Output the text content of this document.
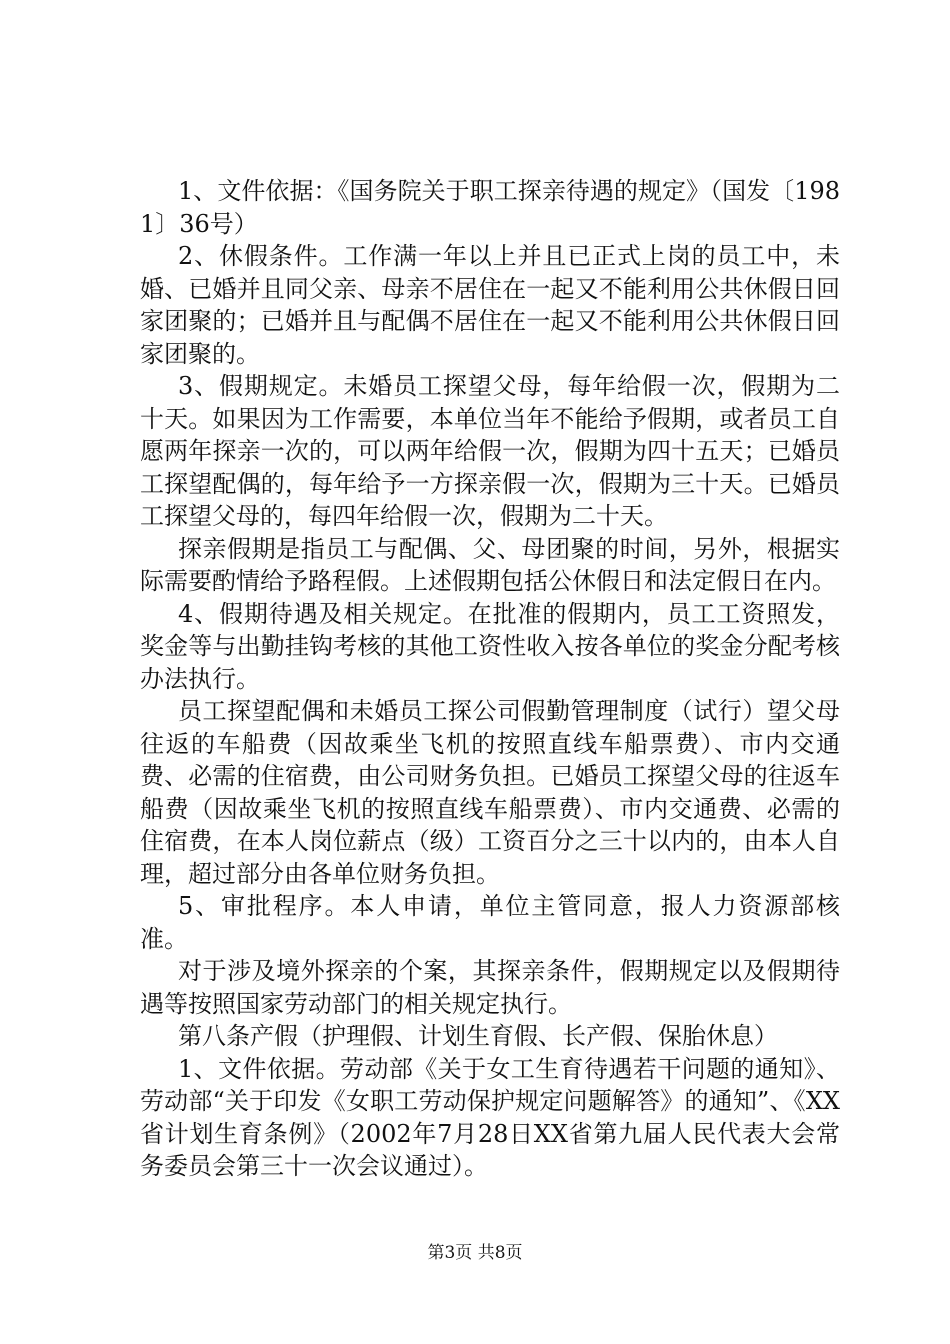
1、文件依据：《国务院关于职工探亲待遇的规定》（国发〔1981〕36号）

2、休假条件。工作满一年以上并且已正式上岗的员工中，未婚、已婚并且同父亲、母亲不居住在一起又不能利用公共休假日回家团聚的；已婚并且与配偶不居住在一起又不能利用公共休假日回家团聚的。

3、假期规定。未婚员工探望父母，每年给假一次，假期为二十天。如果因为工作需要，本单位当年不能给予假期，或者员工自愿两年探亲一次的，可以两年给假一次，假期为四十五天；已婚员工探望配偶的，每年给予一方探亲假一次，假期为三十天。已婚员工探望父母的，每四年给假一次，假期为二十天。

探亲假期是指员工与配偶、父、母团聚的时间，另外，根据实际需要酌情给予路程假。上述假期包括公休假日和法定假日在内。

4、假期待遇及相关规定。在批准的假期内，员工工资照发，奖金等与出勤挂钩考核的其他工资性收入按各单位的奖金分配考核办法执行。

员工探望配偶和未婚员工探公司假勤管理制度（试行）望父母往返的车船费（因故乘坐飞机的按照直线车船票费）、市内交通费、必需的住宿费，由公司财务负担。已婚员工探望父母的往返车船费（因故乘坐飞机的按照直线车船票费）、市内交通费、必需的住宿费，在本人岗位薪点（级）工资百分之三十以内的，由本人自理，超过部分由各单位财务负担。

5、审批程序。本人申请，单位主管同意，报人力资源部核准。

对于涉及境外探亲的个案，其探亲条件，假期规定以及假期待遇等按照国家劳动部门的相关规定执行。

第八条产假（护理假、计划生育假、长产假、保胎休息）

1、文件依据。劳动部《关于女工生育待遇若干问题的通知》、劳动部“关于印发《女职工劳动保护规定问题解答》的通知”、《XX省计划生育条例》（2002年7月28日XX省第九届人民代表大会常务委员会第三十一次会议通过）。

第3页 共8页
